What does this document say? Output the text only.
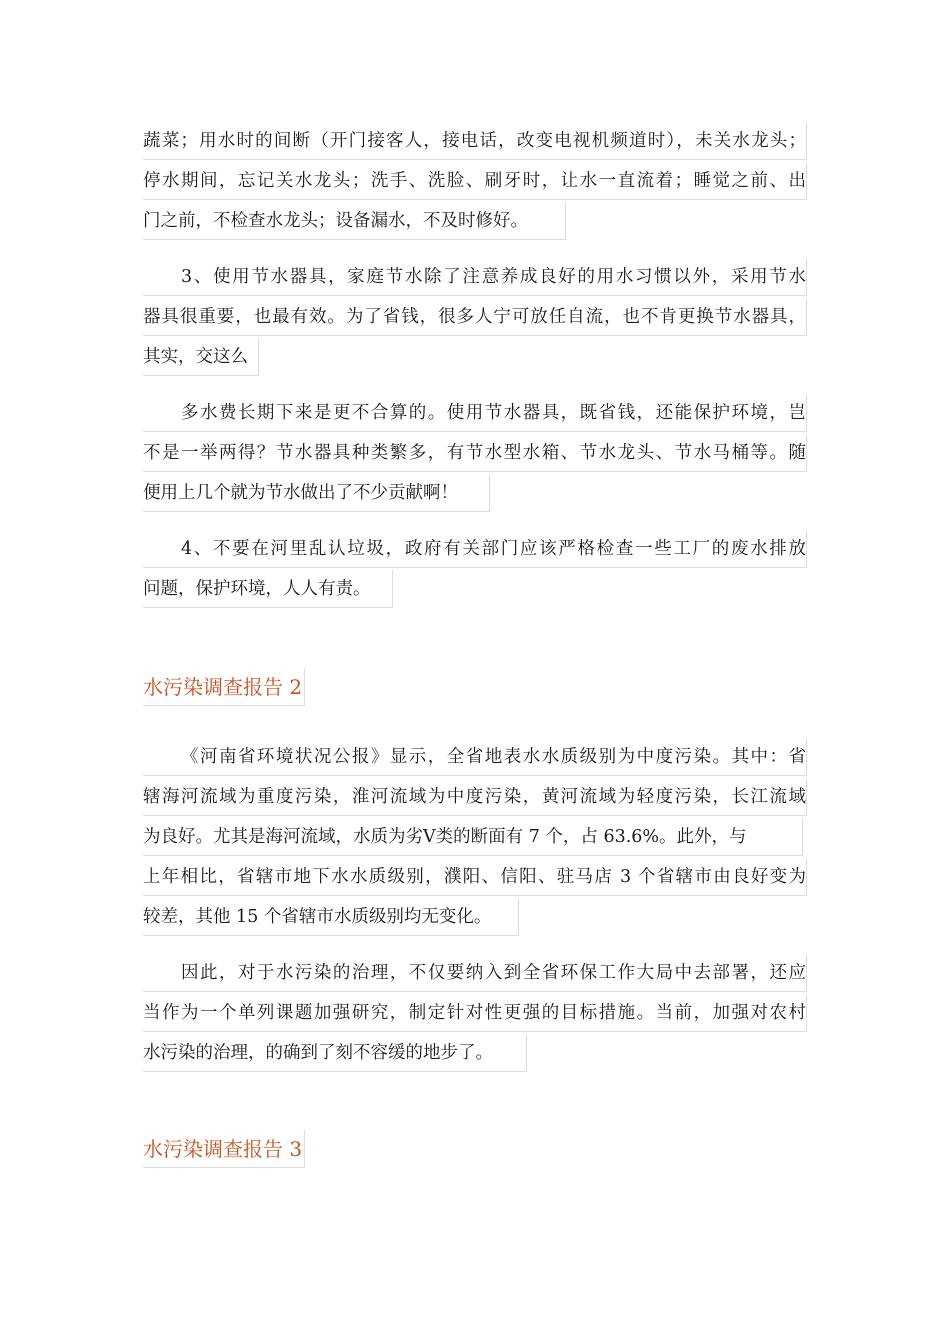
蔬菜；用水时的间断（开门接客人，接电话，改变电视机频道时），未关水龙头；
停水期间，忘记关水龙头；洗手、洗脸、刷牙时，让水一直流着；睡觉之前、出
门之前，不检查水龙头；设备漏水，不及时修好。
3、使用节水器具，家庭节水除了注意养成良好的用水习惯以外，采用节水
器具很重要，也最有效。为了省钱，很多人宁可放任自流，也不肯更换节水器具，
其实，交这么
多水费长期下来是更不合算的。使用节水器具，既省钱，还能保护环境，岂
不是一举两得？节水器具种类繁多，有节水型水箱、节水龙头、节水马桶等。随
便用上几个就为节水做出了不少贡献啊！
4、不要在河里乱认垃圾，政府有关部门应该严格检查一些工厂的废水排放
问题，保护环境，人人有责。
水污染调查报告 2
《河南省环境状况公报》显示，全省地表水水质级别为中度污染。其中：省
辖海河流域为重度污染，淮河流域为中度污染，黄河流域为轻度污染，长江流域
为良好。尤其是海河流域，水质为劣Ⅴ类的断面有 7 个，占 63.6%。此外，与
上年相比，省辖市地下水水质级别，濮阳、信阳、驻马店 3 个省辖市由良好变为
较差，其他 15 个省辖市水质级别均无变化。
因此，对于水污染的治理，不仅要纳入到全省环保工作大局中去部署，还应
当作为一个单列课题加强研究，制定针对性更强的目标措施。当前，加强对农村
水污染的治理，的确到了刻不容缓的地步了。
水污染调查报告 3
